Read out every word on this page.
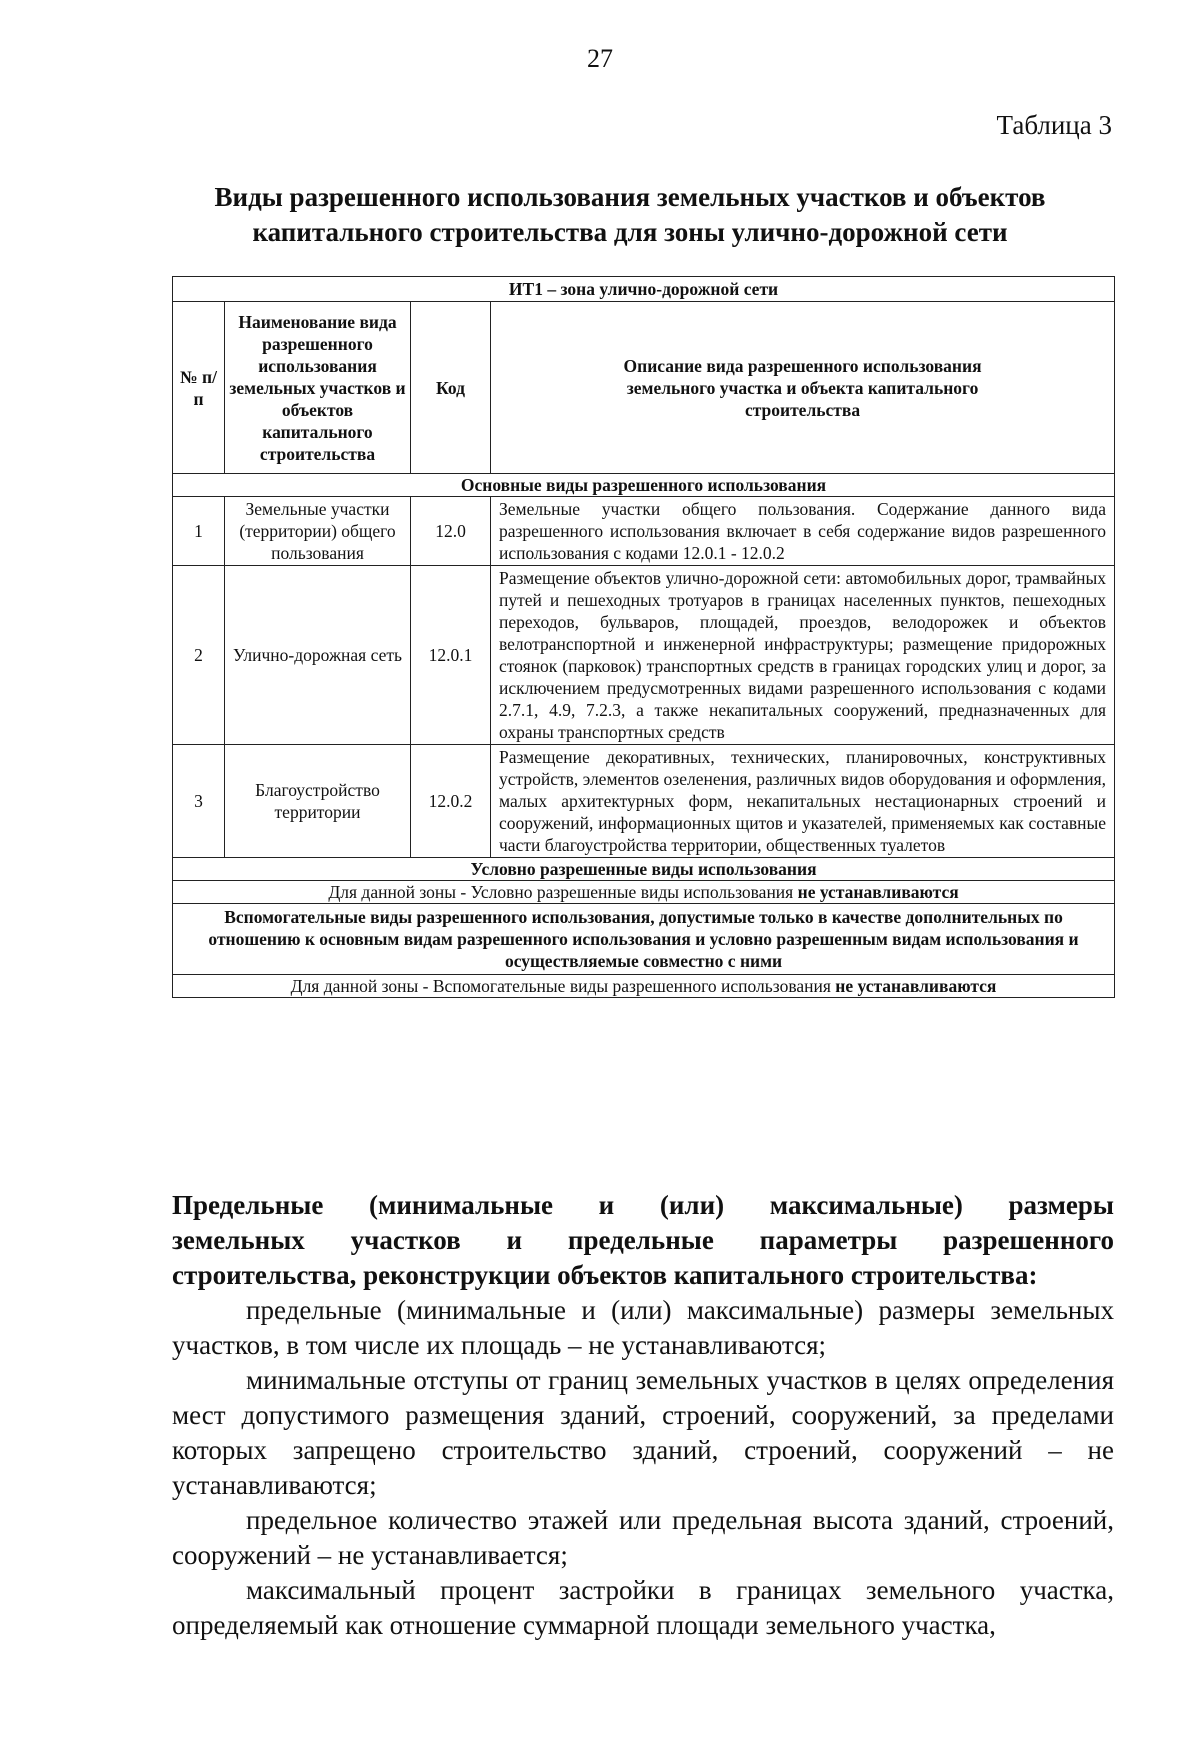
27
Таблица 3
Виды разрешенного использования земельных участков и объектов капитального строительства для зоны улично-дорожной сети
ИТ1 – зона улично-дорожной сети			
№ п/п	Наименование вида разрешенного использования земельных участков и объектов капитального строительства	Код	Описание вида разрешенного использования земельного участка и объекта капитального строительства
Основные виды разрешенного использования			
1	Земельные участки (территории) общего пользования	12.0	Земельные участки общего пользования. Содержание данного вида разрешенного использования включает в себя содержание видов разрешенного использования с кодами 12.0.1 - 12.0.2
2	Улично-дорожная сеть	12.0.1	Размещение объектов улично-дорожной сети: автомобильных дорог, трамвайных путей и пешеходных тротуаров в границах населенных пунктов, пешеходных переходов, бульваров, площадей, проездов, велодорожек и объектов велотранспортной и инженерной инфраструктуры; размещение придорожных стоянок (парковок) транспортных средств в границах городских улиц и дорог, за исключением предусмотренных видами разрешенного использования с кодами 2.7.1, 4.9, 7.2.3, а также некапитальных сооружений, предназначенных для охраны транспортных средств
3	Благоустройство территории	12.0.2	Размещение декоративных, технических, планировочных, конструктивных устройств, элементов озеленения, различных видов оборудования и оформления, малых архитектурных форм, некапитальных нестационарных строений и сооружений, информационных щитов и указателей, применяемых как составные части благоустройства территории, общественных туалетов
Условно разрешенные виды использования			
Для данной зоны - Условно разрешенные виды использования не устанавливаются			
Вспомогательные виды разрешенного использования, допустимые только в качестве дополнительных по отношению к основным видам разрешенного использования и условно разрешенным видам использования и осуществляемые совместно с ними			
Для данной зоны - Вспомогательные виды разрешенного использования не устанавливаются			

Предельные (минимальные и (или) максимальные) размеры

земельных участков и предельные параметры разрешенного

строительства, реконструкции объектов капитального строительства:

предельные (минимальные и (или) максимальные) размеры земельных участков, в том числе их площадь – не устанавливаются;

минимальные отступы от границ земельных участков в целях определения мест допустимого размещения зданий, строений, сооружений, за пределами которых запрещено строительство зданий, строений, сооружений – не устанавливаются;

предельное количество этажей или предельная высота зданий, строений, сооружений – не устанавливается;

максимальный процент застройки в границах земельного участка, определяемый как отношение суммарной площади земельного участка,
